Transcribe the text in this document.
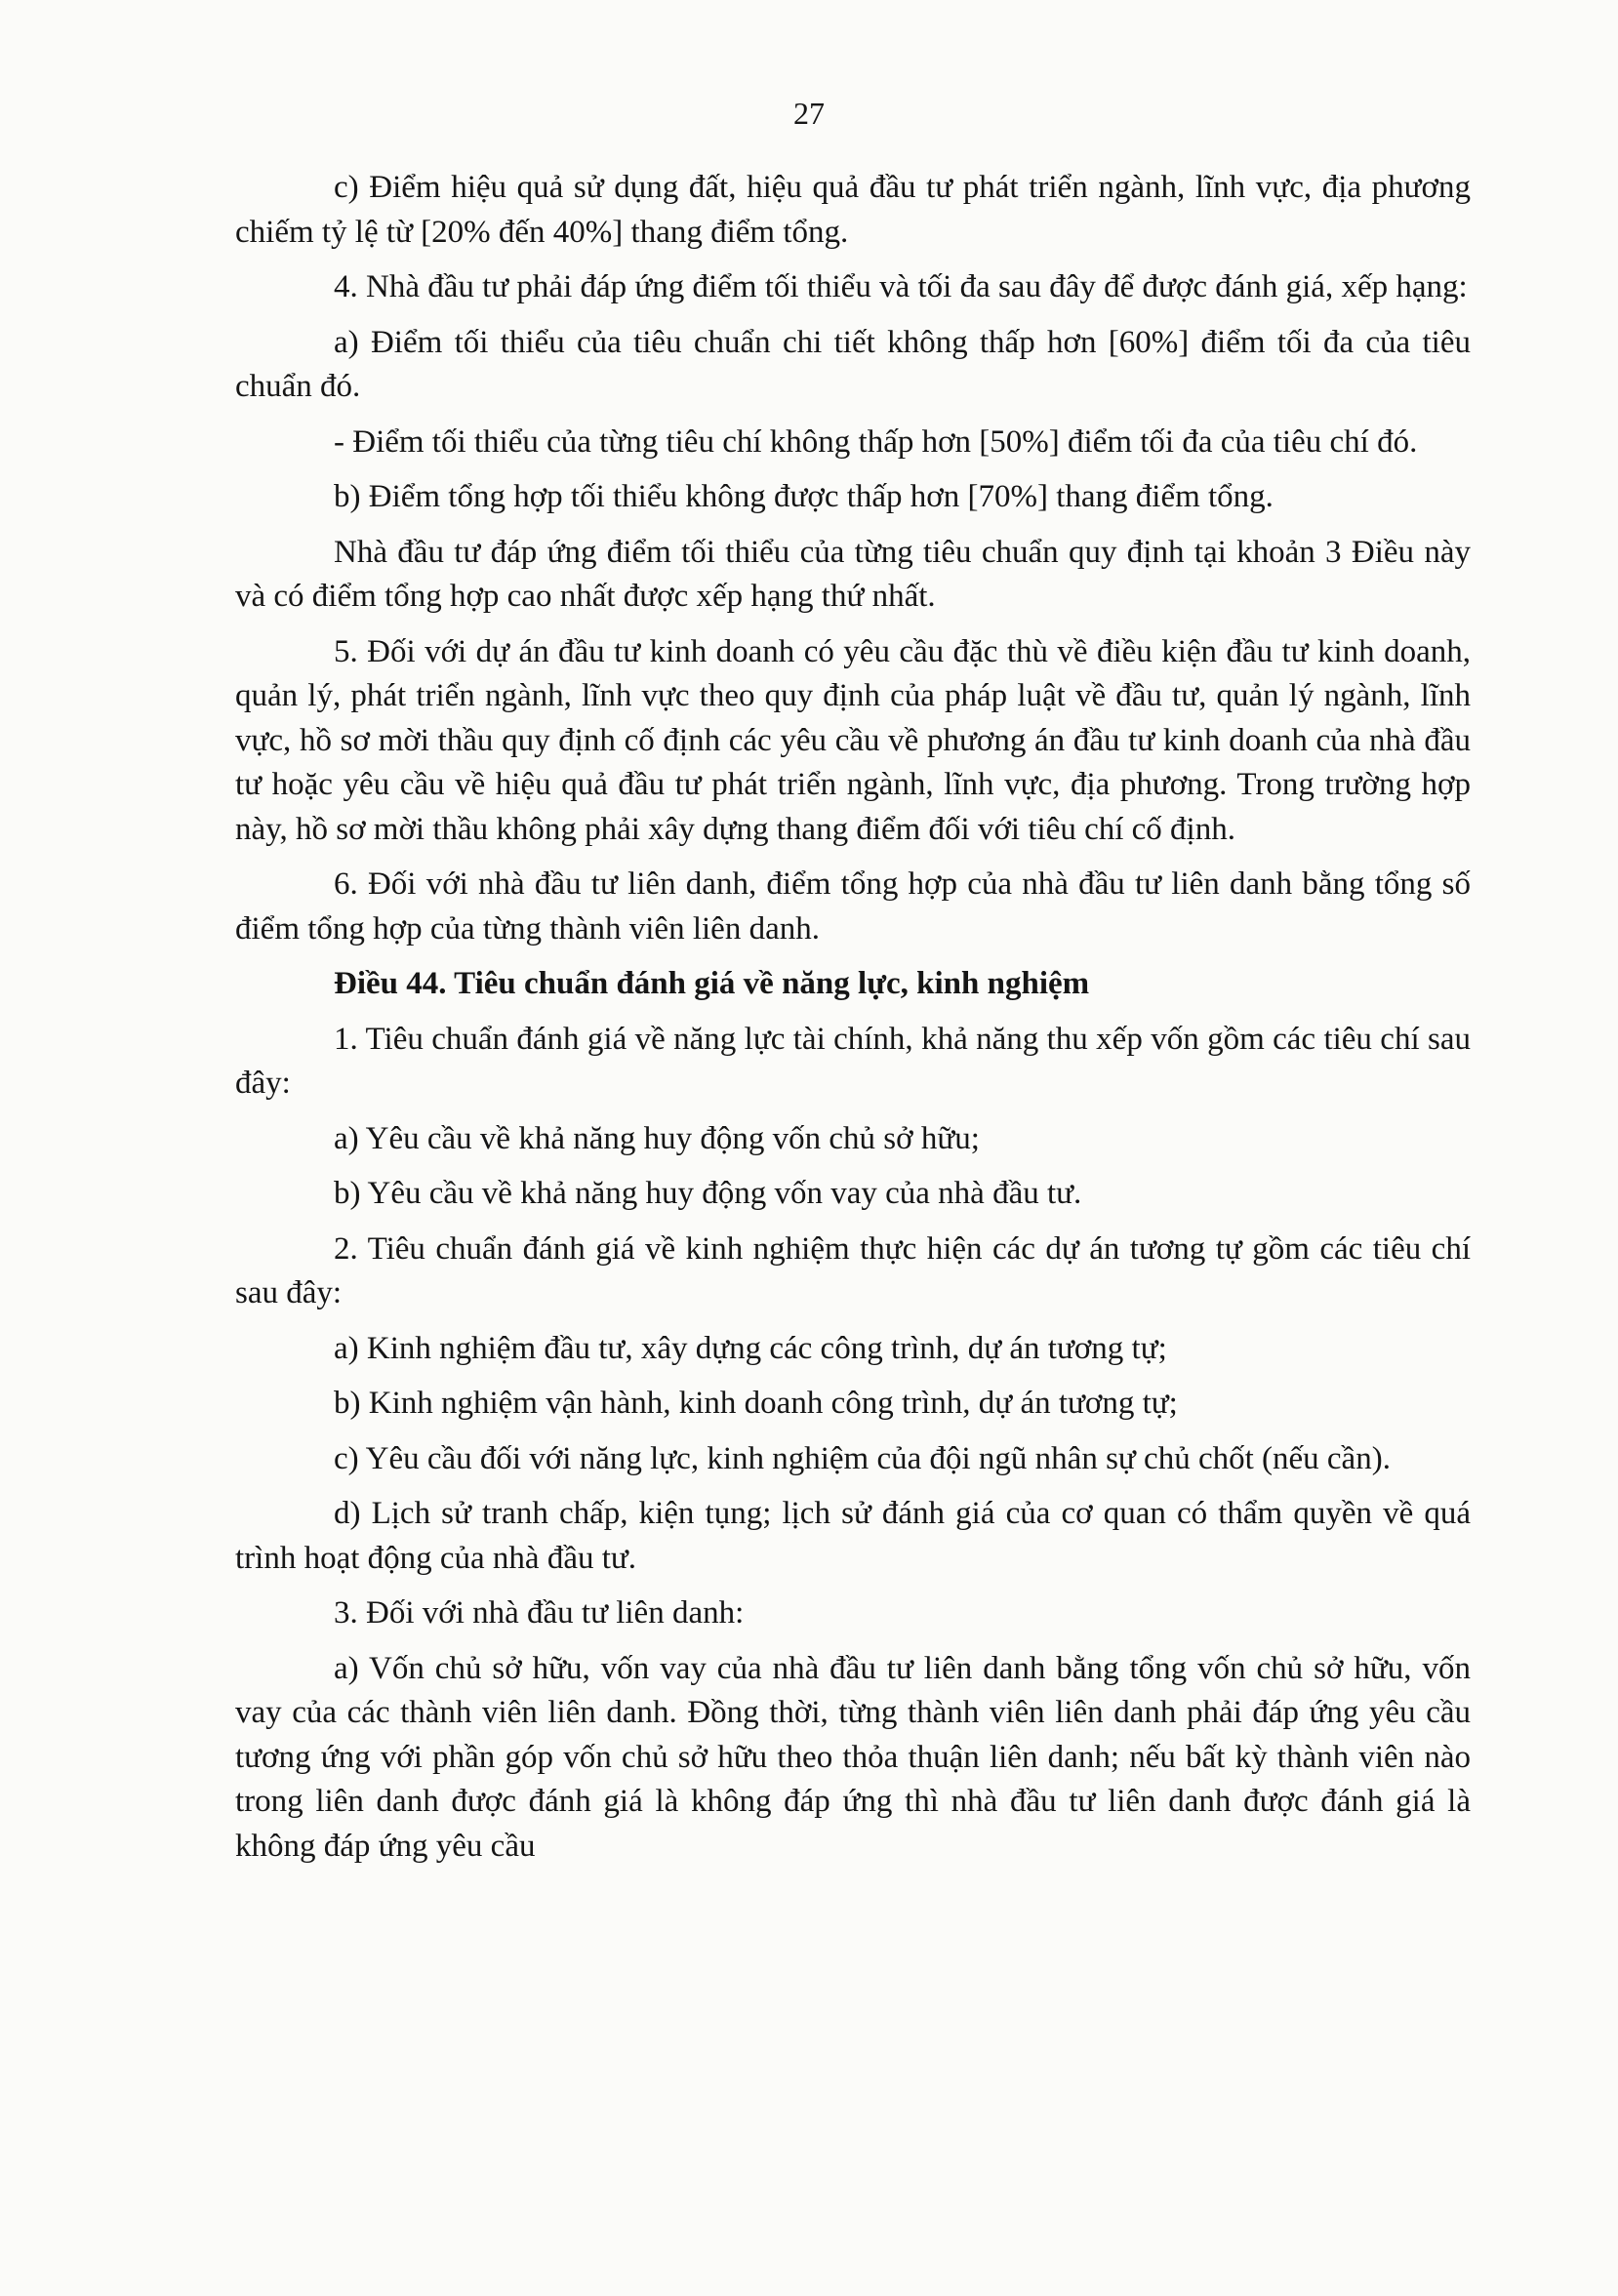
27

c) Điểm hiệu quả sử dụng đất, hiệu quả đầu tư phát triển ngành, lĩnh vực, địa phương chiếm tỷ lệ từ [20% đến 40%] thang điểm tổng.

4. Nhà đầu tư phải đáp ứng điểm tối thiểu và tối đa sau đây để được đánh giá, xếp hạng:

a) Điểm tối thiểu của tiêu chuẩn chi tiết không thấp hơn [60%] điểm tối đa của tiêu chuẩn đó.

- Điểm tối thiểu của từng tiêu chí không thấp hơn [50%] điểm tối đa của tiêu chí đó.

b) Điểm tổng hợp tối thiểu không được thấp hơn [70%] thang điểm tổng.

Nhà đầu tư đáp ứng điểm tối thiểu của từng tiêu chuẩn quy định tại khoản 3 Điều này và có điểm tổng hợp cao nhất được xếp hạng thứ nhất.

5. Đối với dự án đầu tư kinh doanh có yêu cầu đặc thù về điều kiện đầu tư kinh doanh, quản lý, phát triển ngành, lĩnh vực theo quy định của pháp luật về đầu tư, quản lý ngành, lĩnh vực, hồ sơ mời thầu quy định cố định các yêu cầu về phương án đầu tư kinh doanh của nhà đầu tư hoặc yêu cầu về hiệu quả đầu tư phát triển ngành, lĩnh vực, địa phương. Trong trường hợp này, hồ sơ mời thầu không phải xây dựng thang điểm đối với tiêu chí cố định.

6. Đối với nhà đầu tư liên danh, điểm tổng hợp của nhà đầu tư liên danh bằng tổng số điểm tổng hợp của từng thành viên liên danh.

Điều 44. Tiêu chuẩn đánh giá về năng lực, kinh nghiệm

1. Tiêu chuẩn đánh giá về năng lực tài chính, khả năng thu xếp vốn gồm các tiêu chí sau đây:

a) Yêu cầu về khả năng huy động vốn chủ sở hữu;

b) Yêu cầu về khả năng huy động vốn vay của nhà đầu tư.

2. Tiêu chuẩn đánh giá về kinh nghiệm thực hiện các dự án tương tự gồm các tiêu chí sau đây:

a) Kinh nghiệm đầu tư, xây dựng các công trình, dự án tương tự;

b) Kinh nghiệm vận hành, kinh doanh công trình, dự án tương tự;

c) Yêu cầu đối với năng lực, kinh nghiệm của đội ngũ nhân sự chủ chốt (nếu cần).

d) Lịch sử tranh chấp, kiện tụng; lịch sử đánh giá của cơ quan có thẩm quyền về quá trình hoạt động của nhà đầu tư.

3. Đối với nhà đầu tư liên danh:

a) Vốn chủ sở hữu, vốn vay của nhà đầu tư liên danh bằng tổng vốn chủ sở hữu, vốn vay của các thành viên liên danh. Đồng thời, từng thành viên liên danh phải đáp ứng yêu cầu tương ứng với phần góp vốn chủ sở hữu theo thỏa thuận liên danh; nếu bất kỳ thành viên nào trong liên danh được đánh giá là không đáp ứng thì nhà đầu tư liên danh được đánh giá là không đáp ứng yêu cầu
